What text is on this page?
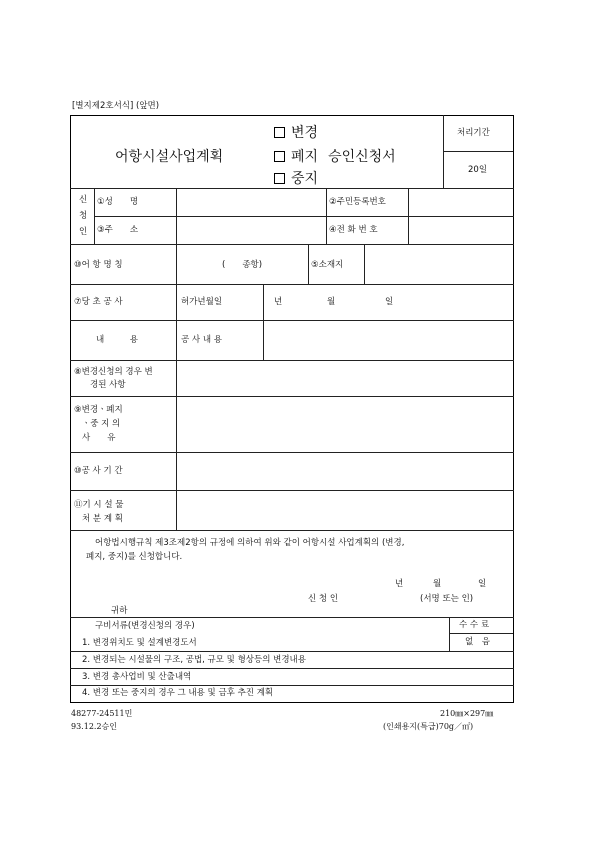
[별지제2호서식] (앞면)
어항시설사업계획
변경
폐지 승인신청서
중지
처리기간
20일
신
청
인
①성　　명	②주민등록번호
③주　　소	④전 화 번 호
⑩어 항 명 칭	(　　종항)	⑤소재지
⑦당 초 공 사	허가년월일	년	월	일
내　　　용	공 사 내 용
⑧변경신청의 경우 변
경된 사항
⑨변경ㆍ폐지
ㆍ중 지 의
사　　유
⑩공 사 기 간
⑪기 시 설 물
처 분 계 획
어항법시행규칙 제3조제2항의 규정에 의하여 위와 같이 어항시설 사업계획의 (변경,
폐지, 중지)를 신청합니다.
년	월	일
신 청 인	(서명 또는 인)
귀하
구비서류(변경신청의 경우)	수 수 료
없　음
1. 변경위치도 및 설계변경도서
2. 변경되는 시설물의 구조, 공법, 규모 및 형상등의 변경내용
3. 변경 총사업비 및 산출내역
4. 변경 또는 중지의 경우 그 내용 및 금후 추진 계획
48277-24511민
93.12.2승인
210㎜×297㎜
(인쇄용지(특급)70g／㎡)
